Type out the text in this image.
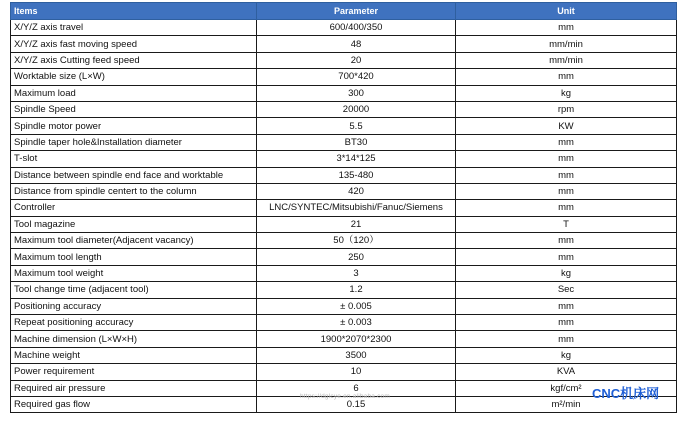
Items	Parameter	Unit
X/Y/Z axis travel	600/400/350	mm
X/Y/Z axis fast moving speed	48	mm/min
X/Y/Z axis Cutting feed speed	20	mm/min
Worktable size (L×W)	700*420	mm
Maximum load	300	kg
Spindle Speed	20000	rpm
Spindle motor power	5.5	KW
Spindle taper hole&Installation diameter	BT30	mm
T-slot	3*14*125	mm
Distance between spindle end face and worktable	135-480	mm
Distance from spindle centert to the column	420	mm
Controller	LNC/SYNTEC/Mitsubishi/Fanuc/Siemens	mm
Tool magazine	21	T
Maximum tool diameter(Adjacent vacancy)	50（120）	mm
Maximum tool length	250	mm
Maximum tool weight	3	kg
Tool change time (adjacent tool)	1.2	Sec
Positioning accuracy	± 0.005	mm
Repeat positioning accuracy	± 0.003	mm
Machine dimension (L×W×H)	1900*2070*2300	mm
Machine weight	3500	kg
Power requirement	10	KVA
Required air pressure	6	kgf/cm²
Required gas flow	0.15	m²/min
https://dglcye.en.alibaba.com	CNC机床网
